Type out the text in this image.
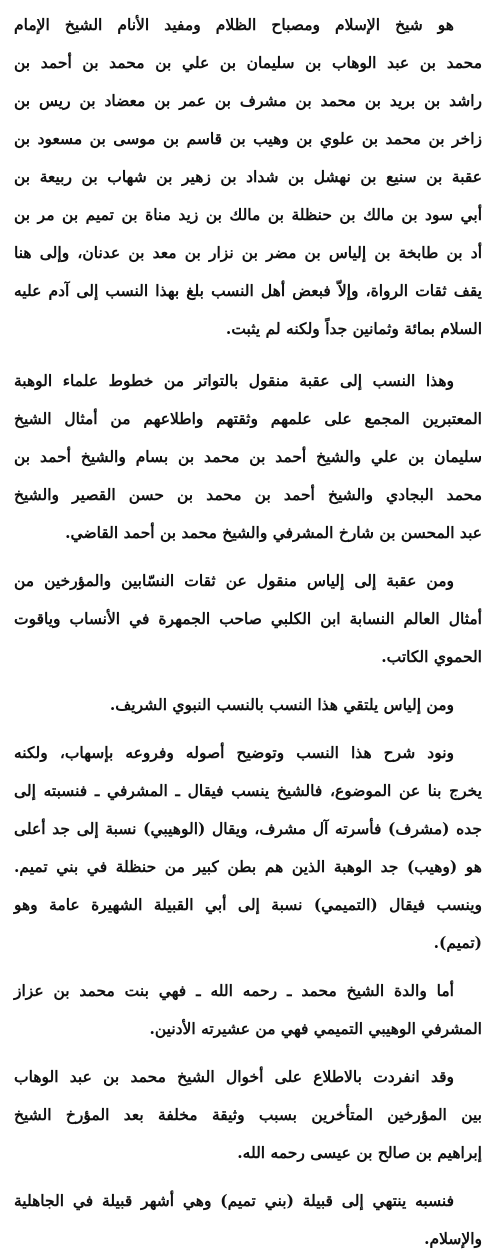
هو شيخ الإسلام ومصباح الظلام ومفيد الأنام الشيخ الإمام
محمد بن عبد الوهاب بن سليمان بن علي بن محمد بن أحمد بن
راشد بن بريد بن محمد بن مشرف بن عمر بن معضاد بن ريس بن
زاخر بن محمد بن علوي بن وهيب بن قاسم بن موسى بن مسعود بن
عقبة بن سنيع بن نهشل بن شداد بن زهير بن شهاب بن ربيعة بن
أبي سود بن مالك بن حنظلة بن مالك بن زيد مناة بن تميم بن مر بن
أد بن طابخة بن إلياس بن مضر بن نزار بن معد بن عدنان، وإلى هنا
يقف ثقات الرواة، وإلاّ فبعض أهل النسب بلغ بهذا النسب إلى آدم عليه
السلام بمائة وثمانين جداً ولكنه لم يثبت.
وهذا النسب إلى عقبة منقول بالتواتر من خطوط علماء الوهبة
المعتبرين المجمع على علمهم وثقتهم واطلاعهم من أمثال الشيخ
سليمان بن علي والشيخ أحمد بن محمد بن بسام والشيخ أحمد بن
محمد البجادي والشيخ أحمد بن محمد بن حسن القصير والشيخ
عبد المحسن بن شارخ المشرفي والشيخ محمد بن أحمد القاضي.
ومن عقبة إلى إلياس منقول عن ثقات النسّابين والمؤرخين من
أمثال العالم النسابة ابن الكلبي صاحب الجمهرة في الأنساب وياقوت
الحموي الكاتب.
ومن إلياس يلتقي هذا النسب بالنسب النبوي الشريف.
ونود شرح هذا النسب وتوضيح أصوله وفروعه بإسهاب، ولكنه
يخرج بنا عن الموضوع، فالشيخ ينسب فيقال ـ المشرفي ـ فنسبته إلى
جده (مشرف) فأسرته آل مشرف، ويقال (الوهيبي) نسبة إلى جد أعلى
هو (وهيب) جد الوهبة الذين هم بطن كبير من حنظلة في بني تميم.
وينسب فيقال (التميمي) نسبة إلى أبي القبيلة الشهيرة عامة وهو
(تميم).
أما والدة الشيخ محمد ـ رحمه الله ـ فهي بنت محمد بن عزاز
المشرفي الوهيبي التميمي فهي من عشيرته الأدنين.
وقد انفردت بالاطلاع على أخوال الشيخ محمد بن عبد الوهاب
بين المؤرخين المتأخرين بسبب وثيقة مخلفة بعد المؤرخ الشيخ
إبراهيم بن صالح بن عيسى رحمه الله.
فنسبه ينتهي إلى قبيلة (بني تميم) وهي أشهر قبيلة في الجاهلية
والإسلام.
